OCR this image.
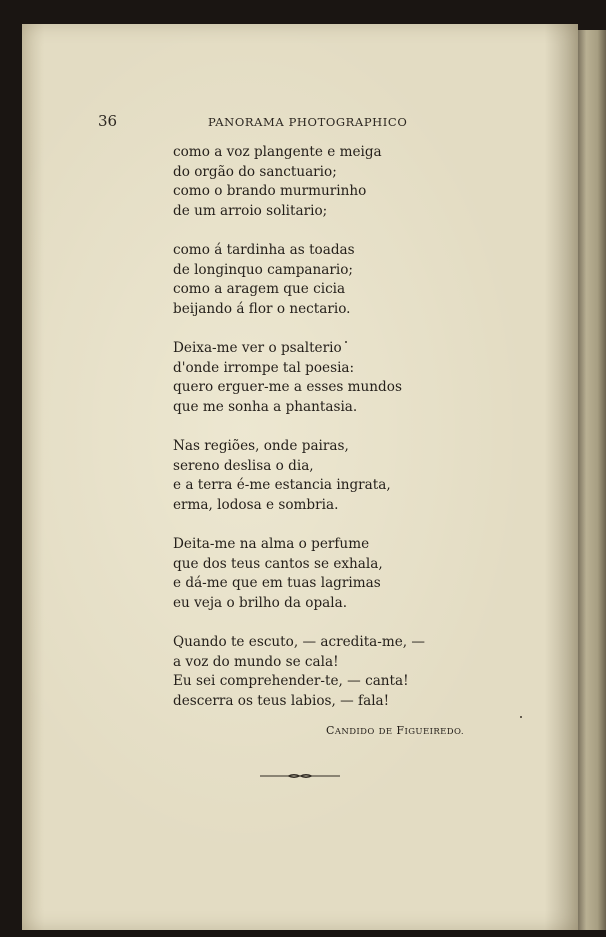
36	PANORAMA PHOTOGRAPHICO
como a voz plangente e meiga
do orgão do sanctuario;
como o brando murmurinho
de um arroio solitario;
como á tardinha as toadas
de longinquo campanario;
como a aragem que ciciа
beijando á flor o nectario.
Deixa-me ver o psalterio
d'onde irrompe tal poesia:
quero erguer-me a esses mundos
que me sonha a phantasia.
Nas regiões, onde pairas,
sereno deslisa o dia,
e a terra é-me estancia ingrata,
erma, lodosa e sombria.
Deita-me na alma o perfume
que dos teus cantos se exhala,
e dá-me que em tuas lagrimas
eu veja o brilho da opala.
Quando te escuto, — acredita-me, —
a voz do mundo se cala!
Eu sei comprehender-te, — canta!
descerra os teus labios, — fala!
CANDIDO DE FIGUEIREDO.
